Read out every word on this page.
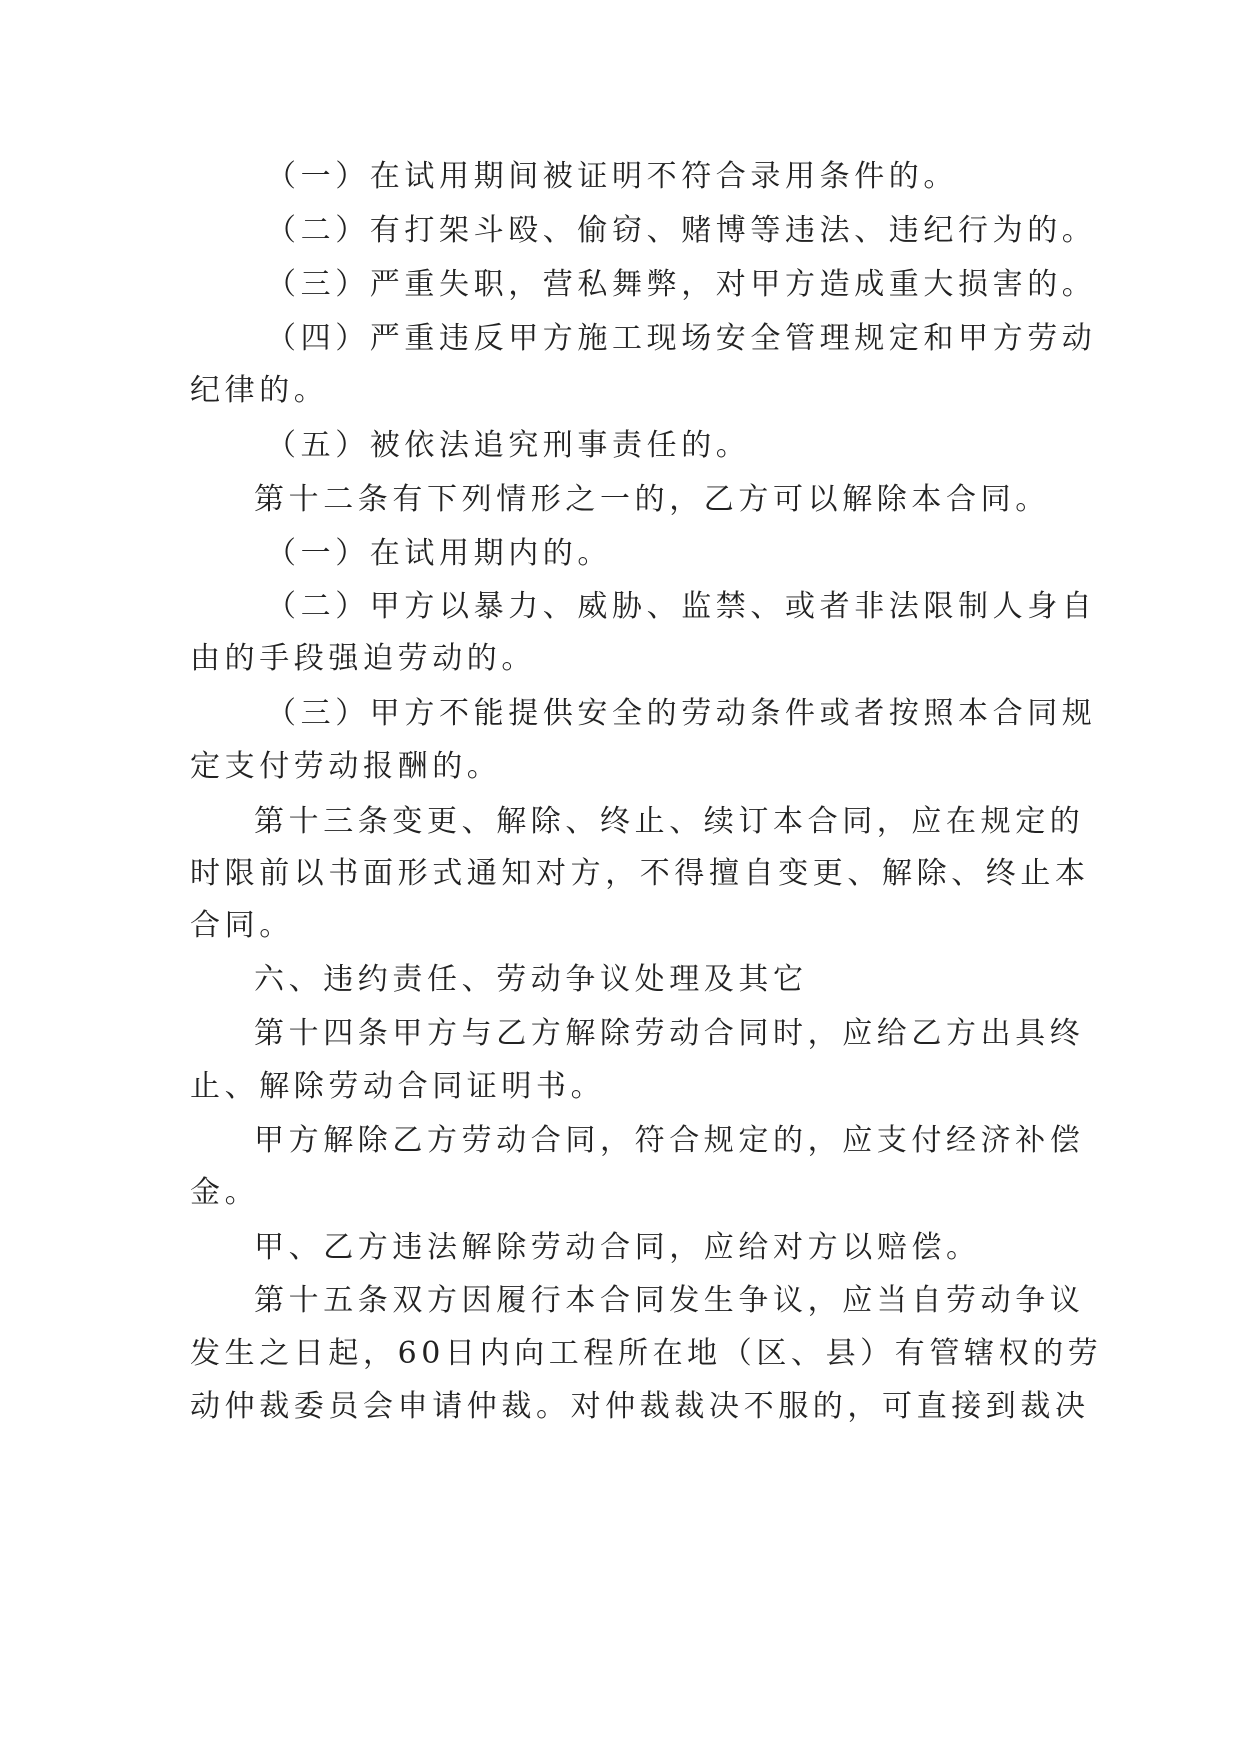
（一）在试用期间被证明不符合录用条件的。
（二）有打架斗殴、偷窃、赌博等违法、违纪行为的。
（三）严重失职，营私舞弊，对甲方造成重大损害的。
（四）严重违反甲方施工现场安全管理规定和甲方劳动
纪律的。
（五）被依法追究刑事责任的。
第十二条有下列情形之一的，乙方可以解除本合同。
（一）在试用期内的。
（二）甲方以暴力、威胁、监禁、或者非法限制人身自
由的手段强迫劳动的。
（三）甲方不能提供安全的劳动条件或者按照本合同规
定支付劳动报酬的。
第十三条变更、解除、终止、续订本合同，应在规定的
时限前以书面形式通知对方，不得擅自变更、解除、终止本
合同。
六、违约责任、劳动争议处理及其它
第十四条甲方与乙方解除劳动合同时，应给乙方出具终
止、解除劳动合同证明书。
甲方解除乙方劳动合同，符合规定的，应支付经济补偿
金。
甲、乙方违法解除劳动合同，应给对方以赔偿。
第十五条双方因履行本合同发生争议，应当自劳动争议
发生之日起，60日内向工程所在地（区、县）有管辖权的劳
动仲裁委员会申请仲裁。对仲裁裁决不服的，可直接到裁决
